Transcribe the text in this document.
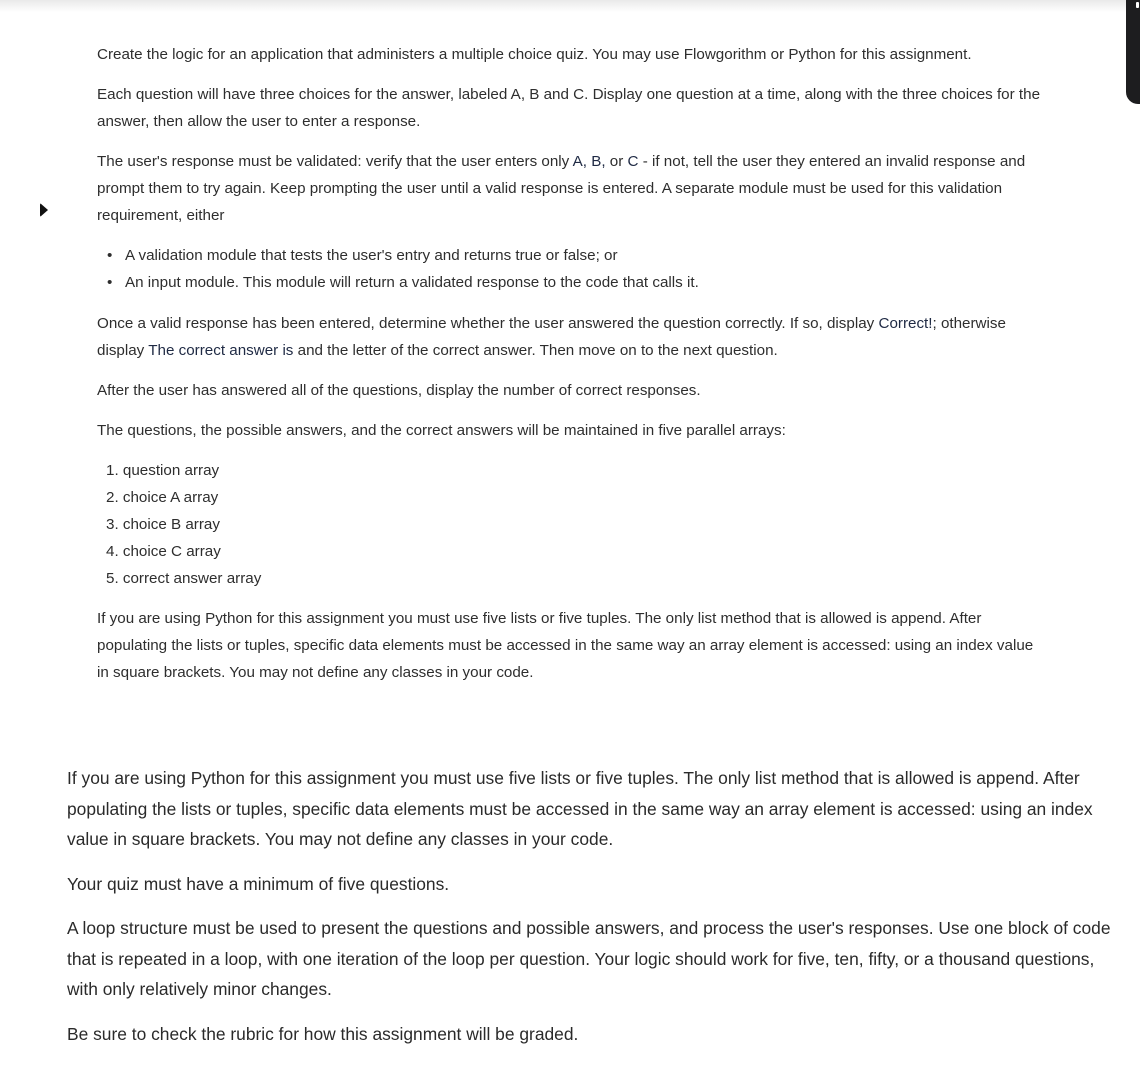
Create the logic for an application that administers a multiple choice quiz. You may use Flowgorithm or Python for this assignment.

Each question will have three choices for the answer, labeled A, B and C. Display one question at a time, along with the three choices for the answer, then allow the user to enter a response.

The user's response must be validated: verify that the user enters only A, B, or C - if not, tell the user they entered an invalid response and prompt them to try again. Keep prompting the user until a valid response is entered. A separate module must be used for this validation requirement, either

• A validation module that tests the user's entry and returns true or false; or
• An input module. This module will return a validated response to the code that calls it.

Once a valid response has been entered, determine whether the user answered the question correctly. If so, display Correct!; otherwise display The correct answer is and the letter of the correct answer. Then move on to the next question.

After the user has answered all of the questions, display the number of correct responses.

The questions, the possible answers, and the correct answers will be maintained in five parallel arrays:

1. question array
2. choice A array
3. choice B array
4. choice C array
5. correct answer array

If you are using Python for this assignment you must use five lists or five tuples. The only list method that is allowed is append. After populating the lists or tuples, specific data elements must be accessed in the same way an array element is accessed: using an index value in square brackets. You may not define any classes in your code.

If you are using Python for this assignment you must use five lists or five tuples. The only list method that is allowed is append. After populating the lists or tuples, specific data elements must be accessed in the same way an array element is accessed: using an index value in square brackets. You may not define any classes in your code.

Your quiz must have a minimum of five questions.

A loop structure must be used to present the questions and possible answers, and process the user's responses. Use one block of code that is repeated in a loop, with one iteration of the loop per question. Your logic should work for five, ten, fifty, or a thousand questions, with only relatively minor changes.

Be sure to check the rubric for how this assignment will be graded.
